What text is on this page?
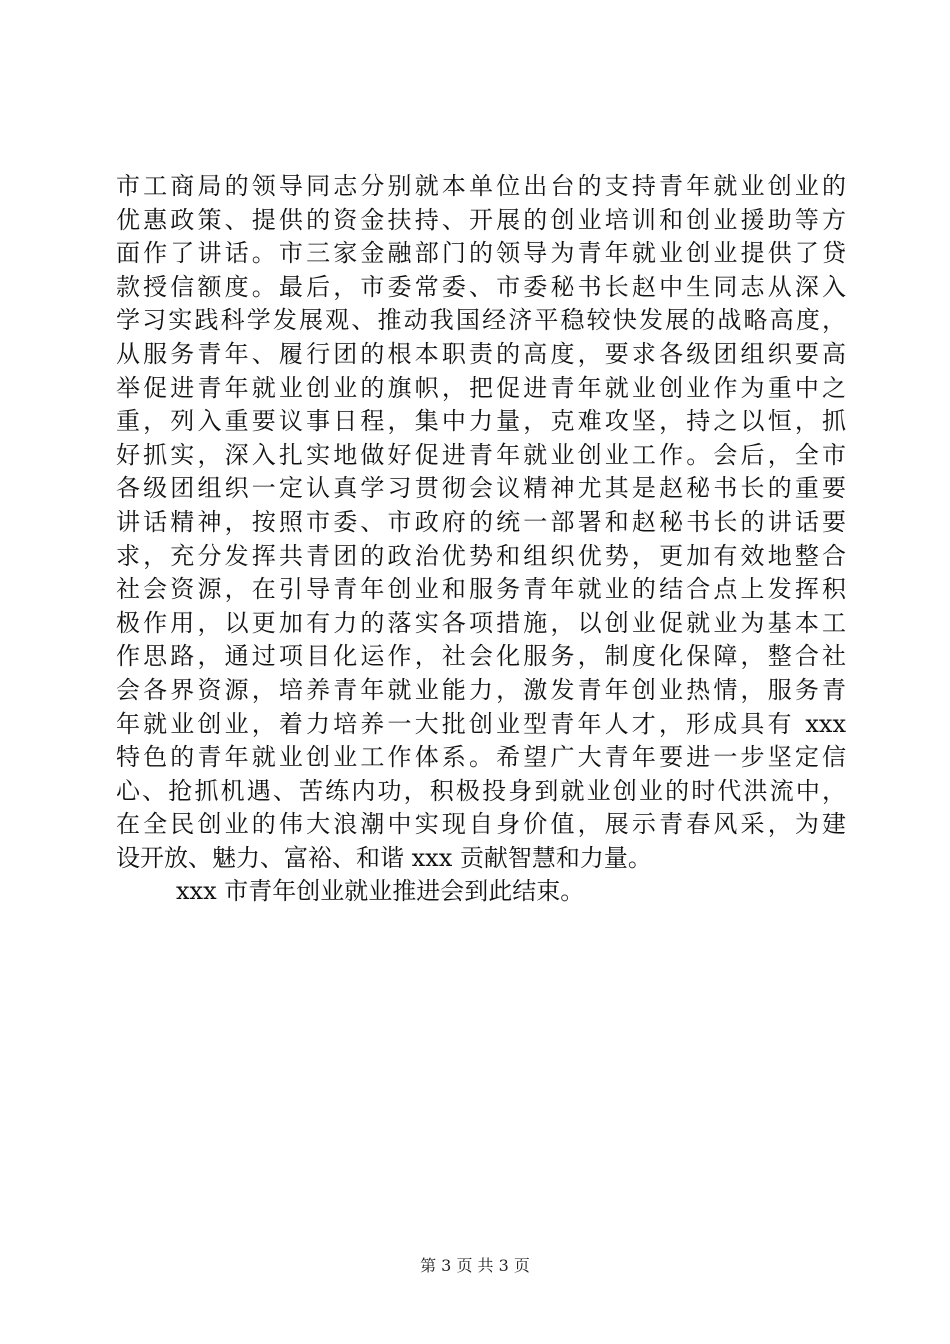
市工商局的领导同志分别就本单位出台的支持青年就业创业的
优惠政策、提供的资金扶持、开展的创业培训和创业援助等方
面作了讲话。市三家金融部门的领导为青年就业创业提供了贷
款授信额度。最后，市委常委、市委秘书长赵中生同志从深入
学习实践科学发展观、推动我国经济平稳较快发展的战略高度，
从服务青年、履行团的根本职责的高度，要求各级团组织要高
举促进青年就业创业的旗帜，把促进青年就业创业作为重中之
重，列入重要议事日程，集中力量，克难攻坚，持之以恒，抓
好抓实，深入扎实地做好促进青年就业创业工作。会后，全市
各级团组织一定认真学习贯彻会议精神尤其是赵秘书长的重要
讲话精神，按照市委、市政府的统一部署和赵秘书长的讲话要
求，充分发挥共青团的政治优势和组织优势，更加有效地整合
社会资源，在引导青年创业和服务青年就业的结合点上发挥积
极作用，以更加有力的落实各项措施，以创业促就业为基本工
作思路，通过项目化运作，社会化服务，制度化保障，整合社
会各界资源，培养青年就业能力，激发青年创业热情，服务青
年就业创业，着力培养一大批创业型青年人才，形成具有 xxx
特色的青年就业创业工作体系。希望广大青年要进一步坚定信
心、抢抓机遇、苦练内功，积极投身到就业创业的时代洪流中，
在全民创业的伟大浪潮中实现自身价值，展示青春风采，为建
设开放、魅力、富裕、和谐 xxx 贡献智慧和力量。
xxx 市青年创业就业推进会到此结束。
第 3 页 共 3 页
